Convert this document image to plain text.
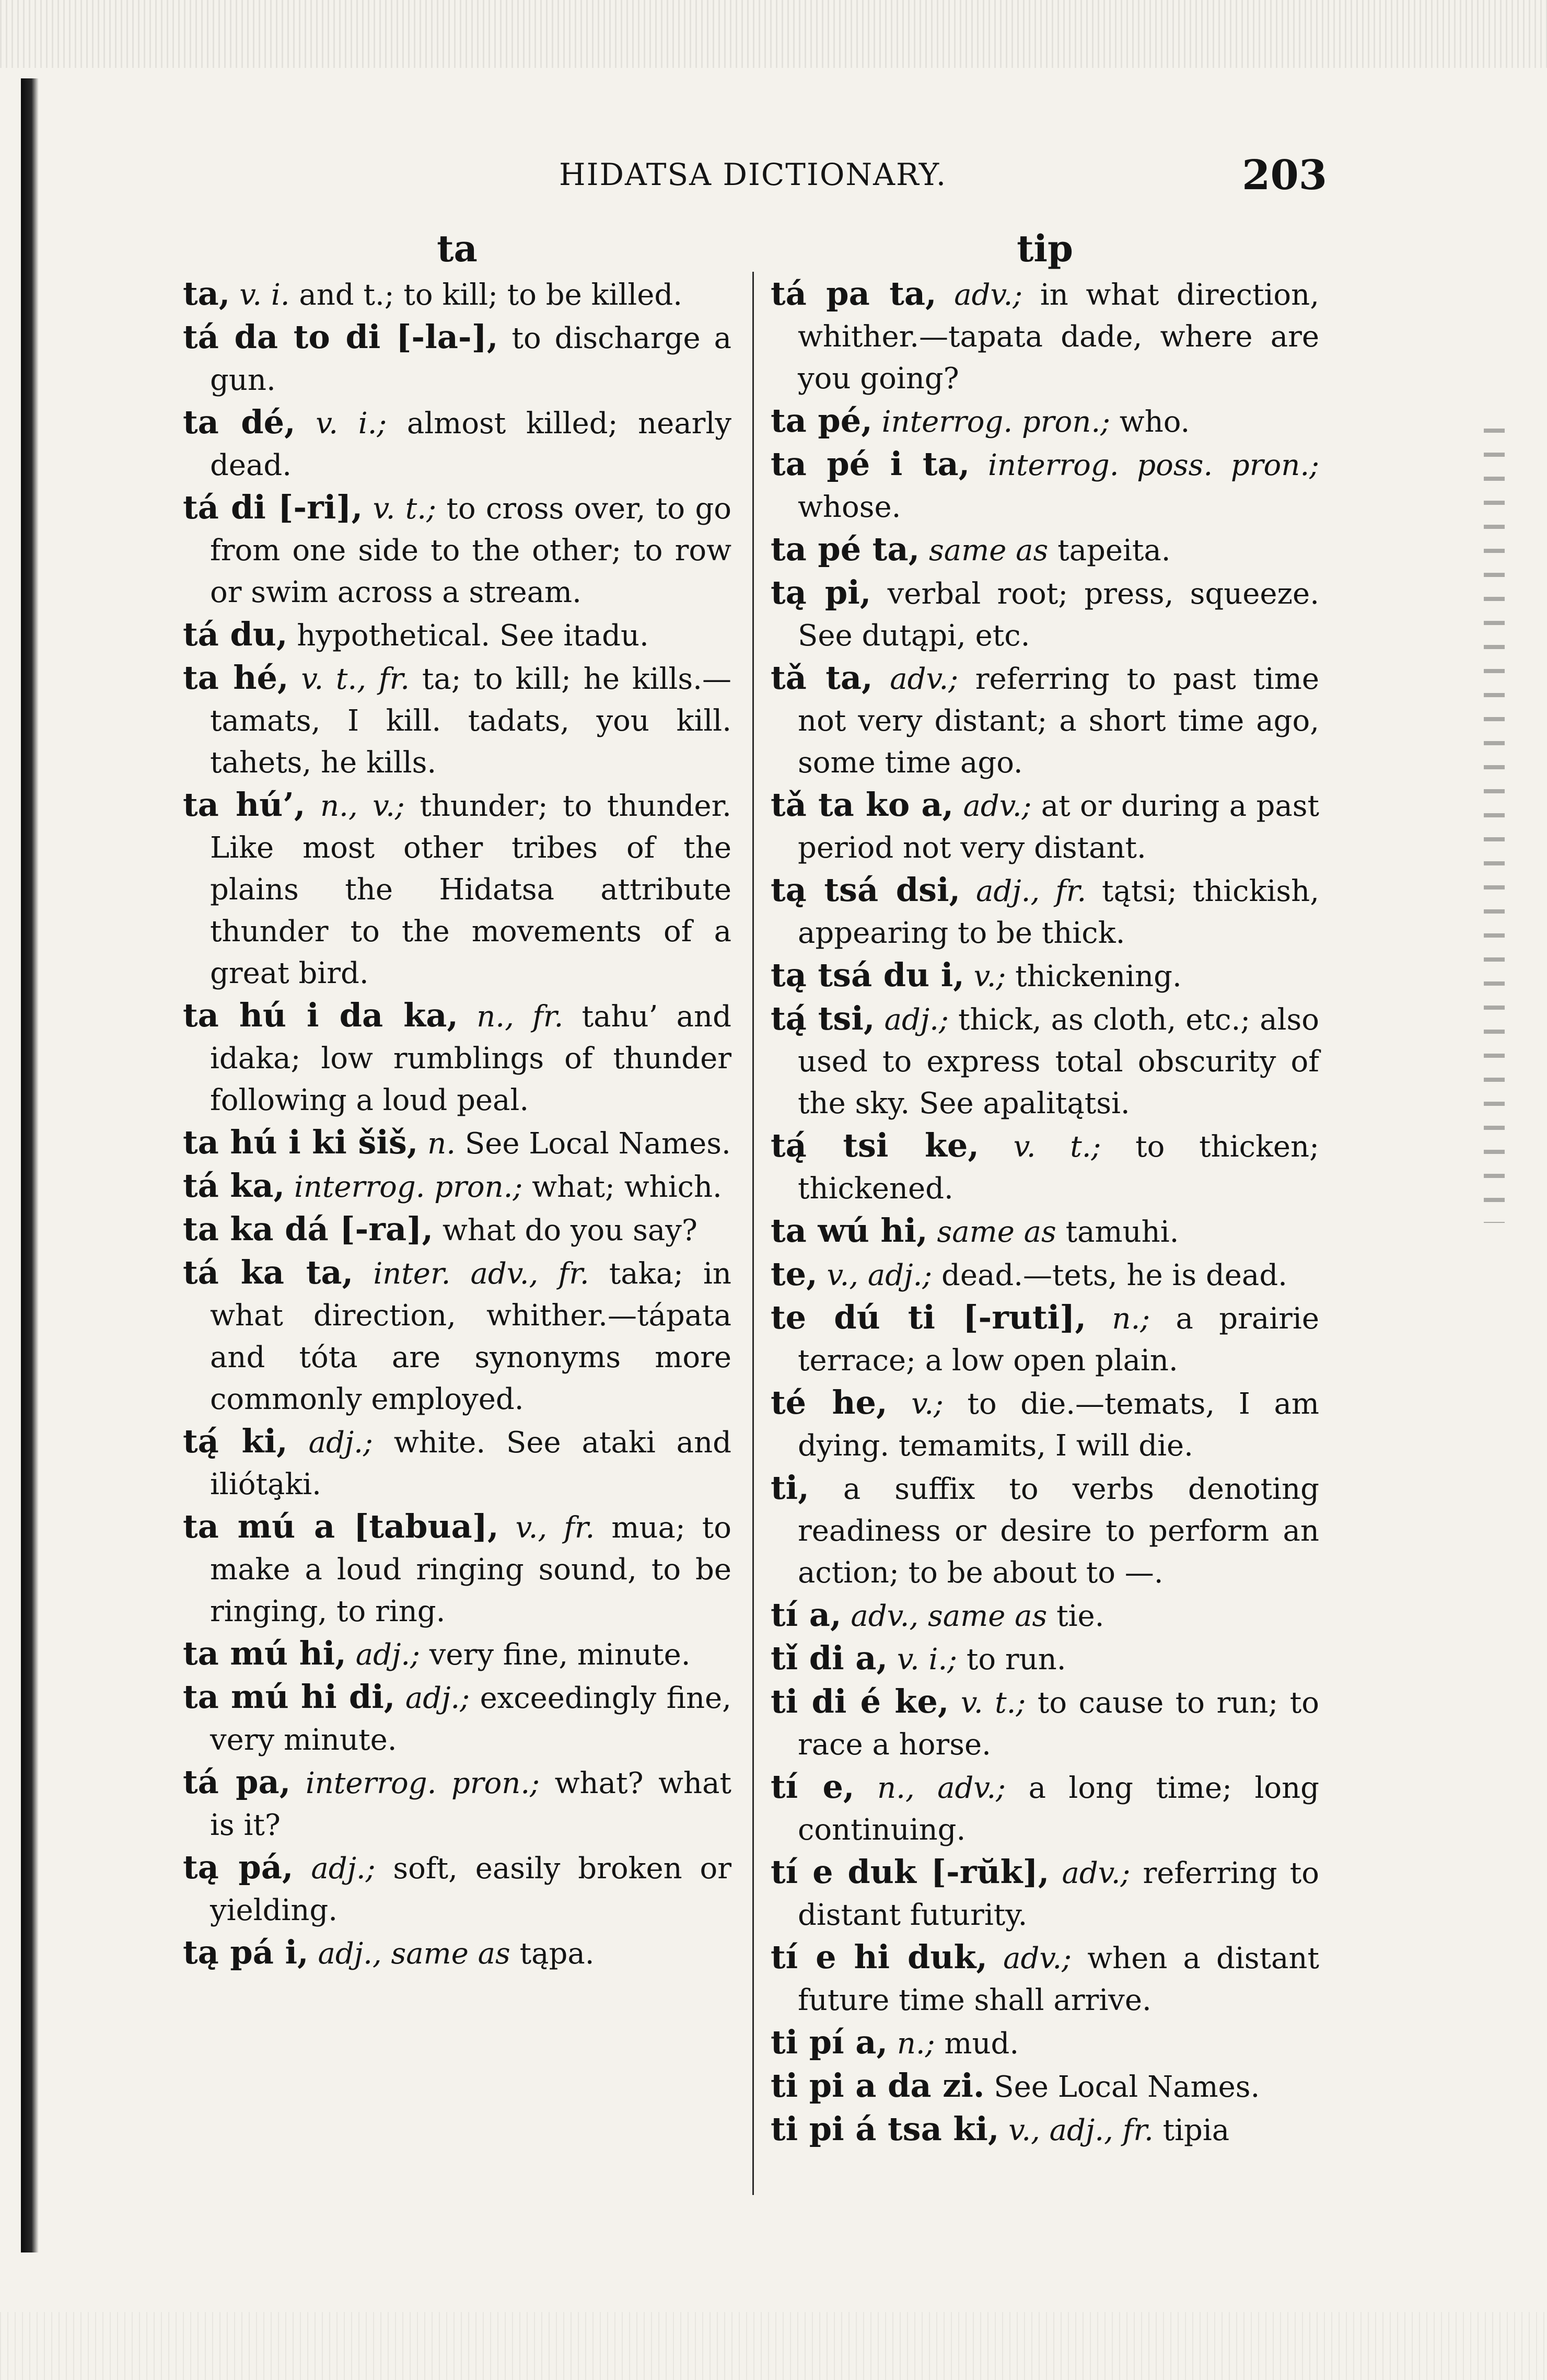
HIDATSA DICTIONARY.	203
ta

ta, v. i. and t.; to kill; to be killed.

tá da to di [-la-], to discharge a gun.

ta dé, v. i.; almost killed; nearly dead.

tá di [-ri], v. t.; to cross over, to go from one side to the other; to row or swim across a stream.

tá du, hypothetical. See itadu.

ta hé, v. t., fr. ta; to kill; he kills.—tamats, I kill. tadats, you kill. tahets, he kills.

ta hú’, n., v.; thunder; to thunder. Like most other tribes of the plains the Hidatsa attribute thunder to the movements of a great bird.

ta hú i da ka, n., fr. tahu’ and idaka; low rumblings of thunder following a loud peal.

ta hú i ki šiš, n. See Local Names.

tá ka, interrog. pron.; what; which.

ta ka dá [-ra], what do you say?

tá ka ta, inter. adv., fr. taka; in what direction, whither.—tápata and tóta are synonyms more commonly employed.

tą́ ki, adj.; white. See ataki and ilióta̧ki.

ta mú a [tabua], v., fr. mua; to make a loud ringing sound, to be ringing, to ring.

ta mú hi, adj.; very fine, minute.

ta mú hi di, adj.; exceedingly fine, very minute.

tá pa, interrog. pron.; what? what is it?

tą pá, adj.; soft, easily broken or yielding.

tą pá i, adj., same as tąpa.

tip

tá pa ta, adv.; in what direction, whither.—tapata dade, where are you going?

ta pé, interrog. pron.; who.

ta pé i ta, interrog. poss. pron.; whose.

ta pé ta, same as tapeita.

tą pi, verbal root; press, squeeze. See dutąpi, etc.

tǎ ta, adv.; referring to past time not very distant; a short time ago, some time ago.

tǎ ta ko a, adv.; at or during a past period not very distant.

tą tsá dsi, adj., fr. tątsi; thickish, appearing to be thick.

tą tsá du i, v.; thickening.

tą́ tsi, adj.; thick, as cloth, etc.; also used to express total obscurity of the sky. See apalitątsi.

tą́ tsi ke, v. t.; to thicken; thickened.

ta wú hi, same as tamuhi.

te, v., adj.; dead.—tets, he is dead.

te dú ti [-ruti], n.; a prairie terrace; a low open plain.

té he, v.; to die.—temats, I am dying. temamits, I will die.

ti, a suffix to verbs denoting readiness or desire to perform an action; to be about to —.

tí a, adv., same as tie.

tǐ di a, v. i.; to run.

ti di é ke, v. t.; to cause to run; to race a horse.

tí e, n., adv.; a long time; long continuing.

tí e duk [-rŭk], adv.; referring to distant futurity.

tí e hi duk, adv.; when a distant future time shall arrive.

ti pí a, n.; mud.

ti pi a da zi. See Local Names.

ti pi á tsa ki, v., adj., fr. tipia
